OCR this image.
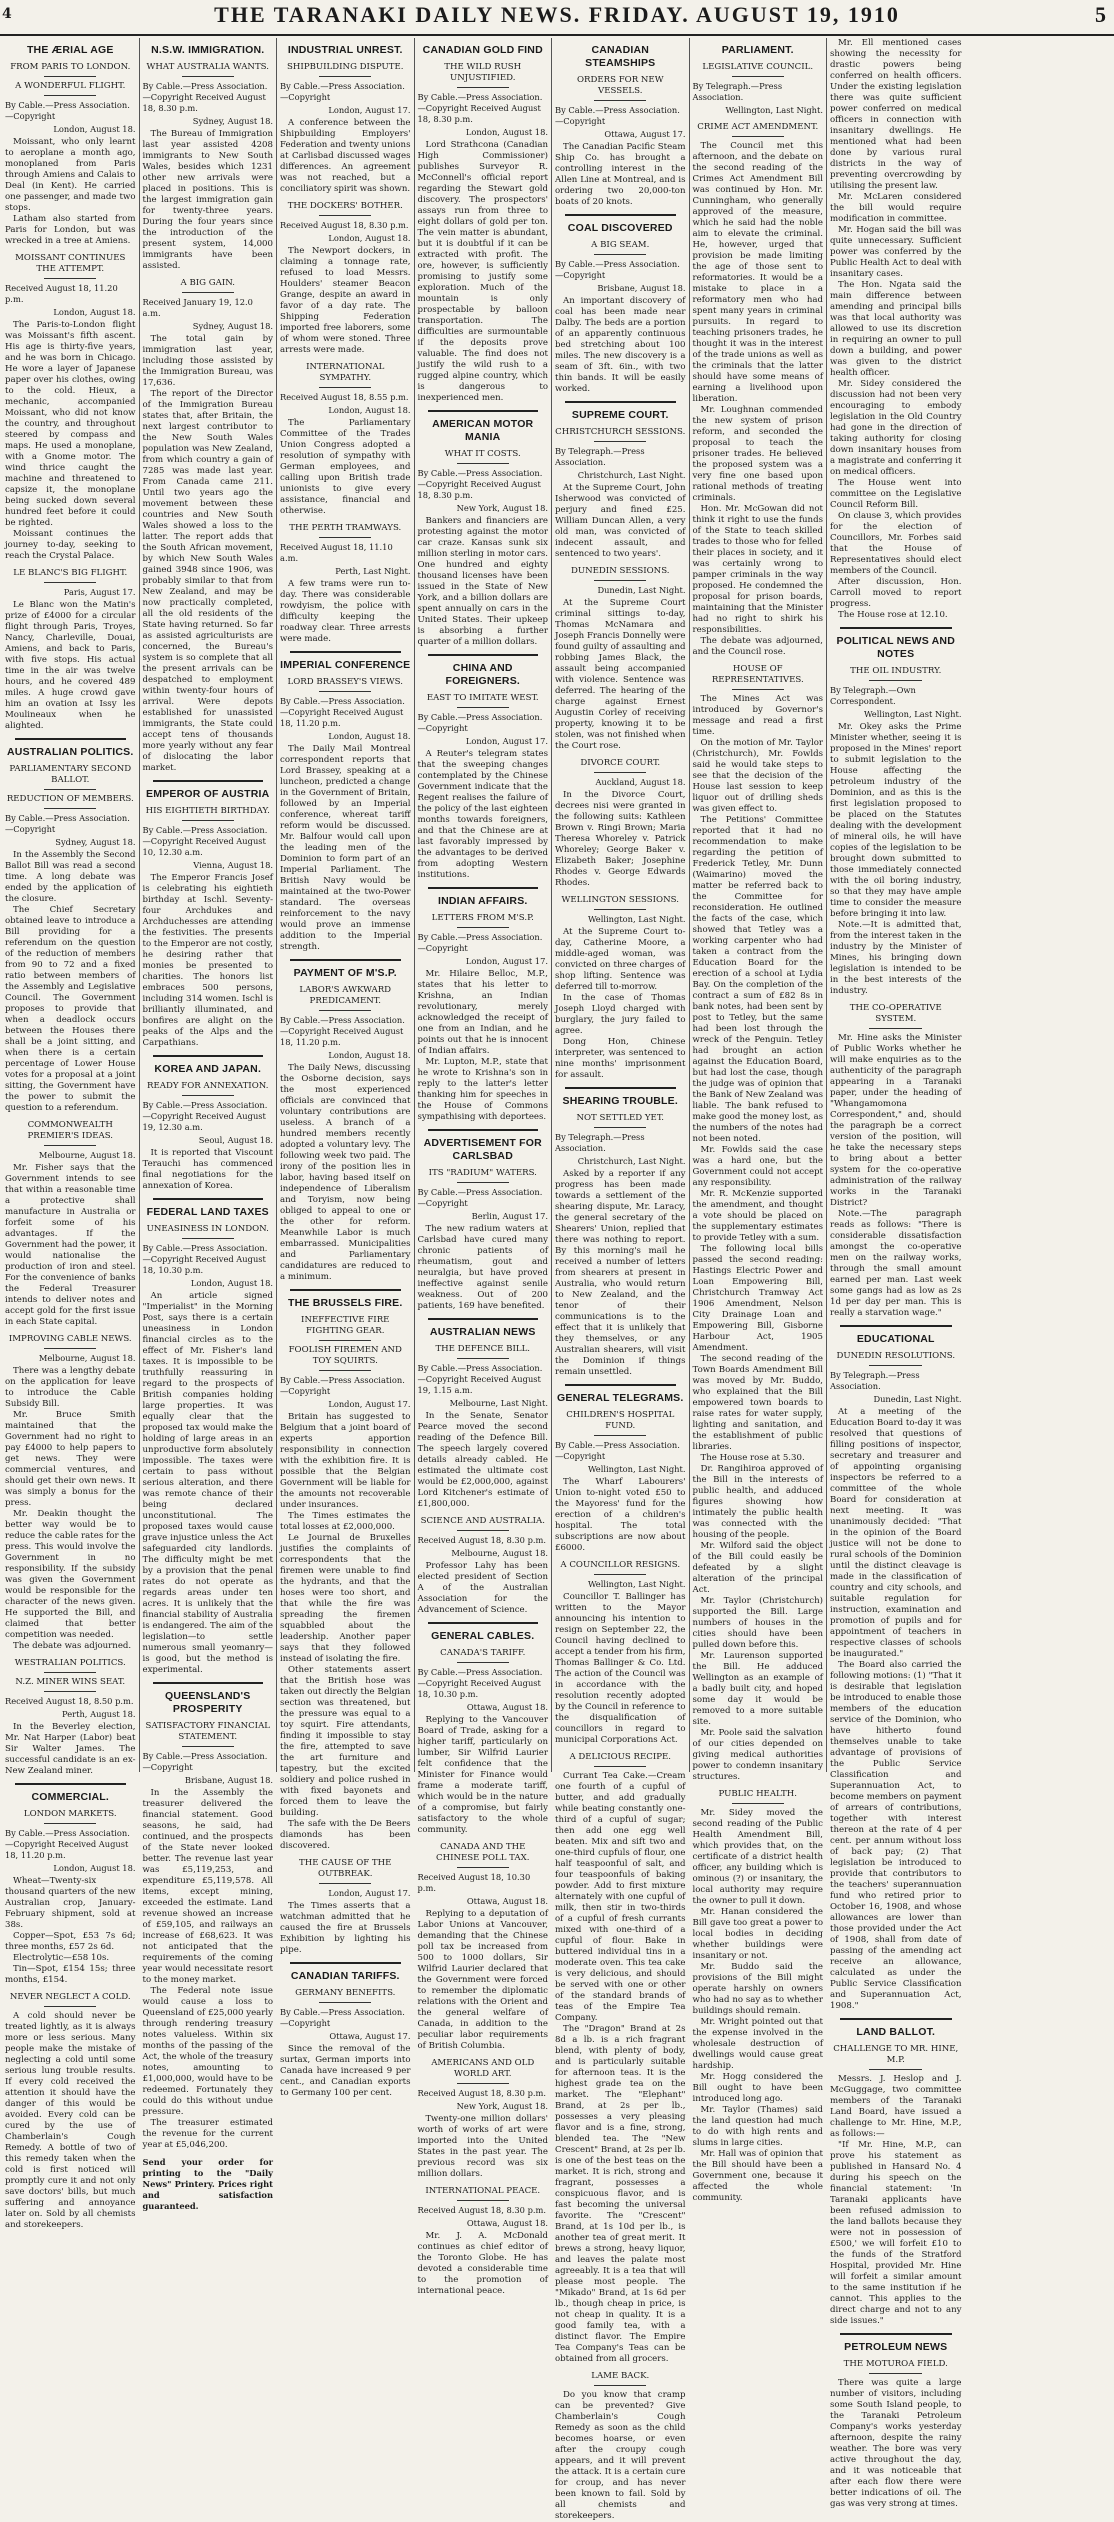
4	THE TARANAKI DAILY NEWS. FRIDAY. AUGUST 19, 1910	5
THE ÆRIAL AGE
FROM PARIS TO LONDON.
A WONDERFUL FLIGHT.
By Cable.—Press Association.—Copyright
London, August 18.

Moissant, who only learnt to aeroplane a month ago, monoplaned from Paris through Amiens and Calais to Deal (in Kent). He carried one passenger, and made two stops.

Latham also started from Paris for London, but was wrecked in a tree at Amiens.

MOISSANT CONTINUES THE ATTEMPT.
Received August 18, 11.20 p.m.
London, August 18.

The Paris-to-London flight was Moissant's fifth ascent. His age is thirty-five years, and he was born in Chicago. He wore a layer of Japanese paper over his clothes, owing to the cold. Hieux, a mechanic, accompanied Moissant, who did not know the country, and throughout steered by compass and maps. He used a monoplane, with a Gnome motor. The wind thrice caught the machine and threatened to capsize it, the monoplane being sucked down several hundred feet before it could be righted.

Moissant continues the journey to-day, seeking to reach the Crystal Palace.

LE BLANC'S BIG FLIGHT.
Paris, August 17.

Le Blanc won the Matin's prize of £4000 for a circular flight through Paris, Troyes, Nancy, Charleville, Douai, Amiens, and back to Paris, with five stops. His actual time in the air was twelve hours, and he covered 489 miles. A huge crowd gave him an ovation at Issy les Moulineaux when he alighted.

AUSTRALIAN POLITICS.
PARLIAMENTARY SECOND BALLOT.
REDUCTION OF MEMBERS.
By Cable.—Press Association.—Copyright
Sydney, August 18.

In the Assembly the Second Ballot Bill was read a second time. A long debate was ended by the application of the closure.

The Chief Secretary obtained leave to introduce a Bill providing for a referendum on the question of the reduction of members from 90 to 72 and a fixed ratio between members of the Assembly and Legislative Council. The Government proposes to provide that when a deadlock occurs between the Houses there shall be a joint sitting, and when there is a certain percentage of Lower House votes for a proposal at a joint sitting, the Government have the power to submit the question to a referendum.

COMMONWEALTH PREMIER'S IDEAS.
Melbourne, August 18.

Mr. Fisher says that the Government intends to see that within a reasonable time a protective shall manufacture in Australia or forfeit some of his advantages. If the Government had the power, it would nationalise the production of iron and steel. For the convenience of banks the Federal Treasurer intends to deliver notes and accept gold for the first issue in each State capital.

IMPROVING CABLE NEWS.
Melbourne, August 18.

There was a lengthy debate on the application for leave to introduce the Cable Subsidy Bill.

Mr. Bruce Smith maintained that the Government had no right to pay £4000 to help papers to get news. They were commercial ventures, and should get their own news. It was simply a bonus for the press.

Mr. Deakin thought the better way would be to reduce the cable rates for the press. This would involve the Government in no responsibility. If the subsidy was given the Government would be responsible for the character of the news given. He supported the Bill, and claimed that better competition was needed.

The debate was adjourned.

WESTRALIAN POLITICS.
N.Z. MINER WINS SEAT.
Received August 18, 8.50 p.m.
Perth, August 18.

In the Beverley election, Mr. Nat Harper (Labor) beat Sir Walter James. The successful candidate is an ex-New Zealand miner.

COMMERCIAL.
LONDON MARKETS.
By Cable.—Press Association.—Copyright Received August 18, 11.20 p.m.
London, August 18.

Wheat—Twenty-six thousand quarters of the new Australian crop, January-February shipment, sold at 38s.

Copper—Spot, £53 7s 6d; three months, £57 2s 6d.

Electrolytic—£58 10s.

Tin—Spot, £154 15s; three months, £154.

NEVER NEGLECT A COLD.

A cold should never be treated lightly, as it is always more or less serious. Many people make the mistake of neglecting a cold until some serious lung trouble results. If every cold received the attention it should have the danger of this would be avoided. Every cold can be cured by the use of Chamberlain's Cough Remedy. A bottle of two of this remedy taken when the cold is first noticed will promptly cure it and not only save doctors' bills, but much suffering and annoyance later on. Sold by all chemists and storekeepers.

N.S.W. IMMIGRATION.
WHAT AUSTRALIA WANTS.
By Cable.—Press Association.—Copyright Received August 18, 8.30 p.m.
Sydney, August 18.

The Bureau of Immigration last year assisted 4208 immigrants to New South Wales, besides which 1231 other new arrivals were placed in positions. This is the largest immigration gain for twenty-three years. During the four years since the introduction of the present system, 14,000 immigrants have been assisted.

A BIG GAIN.
Received January 19, 12.0 a.m.
Sydney, August 18.

The total gain by immigration last year, including those assisted by the Immigration Bureau, was 17,636.

The report of the Director of the Immigration Bureau states that, after Britain, the next largest contributor to the New South Wales population was New Zealand, from which country a gain of 7285 was made last year. From Canada came 211. Until two years ago the movement between these countries and New South Wales showed a loss to the latter. The report adds that the South African movement, by which New South Wales gained 3948 since 1906, was probably similar to that from New Zealand, and may be now practically completed, all the old residents of the State having returned. So far as assisted agriculturists are concerned, the Bureau's system is so complete that all the present arrivals can be despatched to employment within twenty-four hours of arrival. Were depots established for unassisted immigrants, the State could accept tens of thousands more yearly without any fear of dislocating the labor market.

EMPEROR OF AUSTRIA
HIS EIGHTIETH BIRTHDAY.
By Cable.—Press Association.—Copyright Received August 10, 12.30 a.m.
Vienna, August 18.

The Emperor Francis Josef is celebrating his eightieth birthday at Ischl. Seventy-four Archdukes and Archduchesses are attending the festivities. The presents to the Emperor are not costly, he desiring rather that monies be presented to charities. The honors list embraces 500 persons, including 314 women. Ischl is brilliantly illuminated, and bonfires are alight on the peaks of the Alps and the Carpathians.

KOREA AND JAPAN.
READY FOR ANNEXATION.
By Cable.—Press Association.—Copyright Received August 19, 12.30 a.m.
Seoul, August 18.

It is reported that Viscount Terauchi has commenced final negotiations for the annexation of Korea.

FEDERAL LAND TAXES
UNEASINESS IN LONDON.
By Cable.—Press Association.—Copyright Received August 18, 10.30 p.m.
London, August 18.

An article signed "Imperialist" in the Morning Post, says there is a certain uneasiness in London financial circles as to the effect of Mr. Fisher's land taxes. It is impossible to be truthfully reassuring in regard to the prospects of British companies holding large properties. It was equally clear that the proposed tax would make the holding of large areas in an unproductive form absolutely impossible. The taxes were certain to pass without serious alteration, and there was remote chance of their being declared unconstitutional. The proposed taxes would cause grave injustice unless the Act safeguarded city landlords. The difficulty might be met by a provision that the penal rates do not operate as regards areas under ten acres. It is unlikely that the financial stability of Australia is endangered. The aim of the legislation—to settle numerous small yeomanry—is good, but the method is experimental.

QUEENSLAND'S PROSPERITY
SATISFACTORY FINANCIAL STATEMENT.
By Cable.—Press Association.—Copyright
Brisbane, August 18.

In the Assembly the treasurer delivered the financial statement. Good seasons, he said, had continued, and the prospects of the State never looked better. The revenue last year was £5,119,253, and expenditure £5,119,578. All items, except mining, exceeded the estimate. Land revenue showed an increase of £59,105, and railways an increase of £68,623. It was not anticipated that the requirements of the coming year would necessitate resort to the money market.

The Federal note issue would cause a loss to Queensland of £25,000 yearly through rendering treasury notes valueless. Within six months of the passing of the Act, the whole of the treasury notes, amounting to £1,000,000, would have to be redeemed. Fortunately they could do this without undue pressure.

The treasurer estimated the revenue for the current year at £5,046,200.

Send your order for printing to the "Daily News" Printery. Prices right and satisfaction guaranteed.
INDUSTRIAL UNREST.
SHIPBUILDING DISPUTE.
By Cable.—Press Association.—Copyright
London, August 17.

A conference between the Shipbuilding Employers' Federation and twenty unions at Carlisbad discussed wages differences. An agreement was not reached, but a conciliatory spirit was shown.

THE DOCKERS' BOTHER.
Received August 18, 8.30 p.m.
London, August 18.

The Newport dockers, in claiming a tonnage rate, refused to load Messrs. Houlders' steamer Beacon Grange, despite an award in favor of a day rate. The Shipping Federation imported free laborers, some of whom were stoned. Three arrests were made.

INTERNATIONAL SYMPATHY.
Received August 18, 8.55 p.m.
London, August 18.

The Parliamentary Committee of the Trades Union Congress adopted a resolution of sympathy with German employees, and calling upon British trade unionists to give every assistance, financial and otherwise.

THE PERTH TRAMWAYS.
Received August 18, 11.10 a.m.
Perth, Last Night.

A few trams were run to-day. There was considerable rowdyism, the police with difficulty keeping the roadway clear. Three arrests were made.

IMPERIAL CONFERENCE
LORD BRASSEY'S VIEWS.
By Cable.—Press Association.—Copyright Received August 18, 11.20 p.m.
London, August 18.

The Daily Mail Montreal correspondent reports that Lord Brassey, speaking at a luncheon, predicted a change in the Government of Britain, followed by an Imperial conference, whereat tariff reform would be discussed. Mr. Balfour would call upon the leading men of the Dominion to form part of an Imperial Parliament. The British Navy would be maintained at the two-Power standard. The overseas reinforcement to the navy would prove an immense addition to the Imperial strength.

PAYMENT OF M'S.P.
LABOR'S AWKWARD PREDICAMENT.
By Cable.—Press Association.—Copyright Received August 18, 11.20 p.m.
London, August 18.

The Daily News, discussing the Osborne decision, says the most experienced officials are convinced that voluntary contributions are useless. A branch of a hundred members recently adopted a voluntary levy. The following week two paid. The irony of the position lies in labor, having based itself on independence of Liberalism and Toryism, now being obliged to appeal to one or the other for reform. Meanwhile Labor is much embarrassed. Municipalities and Parliamentary candidatures are reduced to a minimum.

THE BRUSSELS FIRE.
INEFFECTIVE FIRE FIGHTING GEAR.
FOOLISH FIREMEN AND TOY SQUIRTS.
By Cable.—Press Association.—Copyright
London, August 17.

Britain has suggested to Belgium that a joint board of experts apportion responsibility in connection with the exhibition fire. It is possible that the Belgian Government will be liable for the amounts not recoverable under insurances.

The Times estimates the total losses at £2,000,000.

Le Journal de Bruxelles justifies the complaints of correspondents that the firemen were unable to find the hydrants, and that the hoses were too short, and that while the fire was spreading the firemen squabbled about the leadership. Another paper says that they followed instead of isolating the fire.

Other statements assert that the British hose was taken out directly the Belgian section was threatened, but the pressure was equal to a toy squirt. Fire attendants, finding it impossible to stay the fire, attempted to save the art furniture and tapestry, but the excited soldiery and police rushed in with fixed bayonets and forced them to leave the building.

The safe with the De Beers diamonds has been discovered.

THE CAUSE OF THE OUTBREAK.
London, August 17.

The Times asserts that a watchman admitted that he caused the fire at Brussels Exhibition by lighting his pipe.

CANADIAN TARIFFS.
GERMANY BENEFITS.
By Cable.—Press Association.—Copyright
Ottawa, August 17.

Since the removal of the surtax, German imports into Canada have increased 9 per cent., and Canadian exports to Germany 100 per cent.

CANADIAN GOLD FIND
THE WILD RUSH UNJUSTIFIED.
By Cable.—Press Association.—Copyright Received August 18, 8.30 p.m.
London, August 18.

Lord Strathcona (Canadian High Commissioner) publishes Surveyor R. McConnell's official report regarding the Stewart gold discovery. The prospectors' assays run from three to eight dollars of gold per ton. The vein matter is abundant, but it is doubtful if it can be extracted with profit. The ore, however, is sufficiently promising to justify some exploration. Much of the mountain is only prospectable by balloon transportation. The difficulties are surmountable if the deposits prove valuable. The find does not justify the wild rush to a rugged alpine country, which is dangerous to inexperienced men.

AMERICAN MOTOR MANIA
WHAT IT COSTS.
By Cable.—Press Association.—Copyright Received August 18, 8.30 p.m.
New York, August 18.

Bankers and financiers are protesting against the motor car craze. Kansas sunk six million sterling in motor cars. One hundred and eighty thousand licenses have been issued in the State of New York, and a billion dollars are spent annually on cars in the United States. Their upkeep is absorbing a further quarter of a million dollars.

CHINA AND FOREIGNERS.
EAST TO IMITATE WEST.
By Cable.—Press Association.—Copyright
London, August 17.

A Reuter's telegram states that the sweeping changes contemplated by the Chinese Government indicate that the Regent realises the failure of the policy of the last eighteen months towards foreigners, and that the Chinese are at last favorably impressed by the advantages to be derived from adopting Western institutions.

INDIAN AFFAIRS.
LETTERS FROM M'S.P.
By Cable.—Press Association.—Copyright
London, August 17.

Mr. Hilaire Belloc, M.P., states that his letter to Krishna, an Indian revolutionary, merely acknowledged the receipt of one from an Indian, and he points out that he is innocent of Indian affairs.

Mr. Lupton, M.P., state that he wrote to Krishna's son in reply to the latter's letter thanking him for speeches in the House of Commons sympathising with deportees.

ADVERTISEMENT FOR CARLSBAD
ITS "RADIUM" WATERS.
By Cable.—Press Association.—Copyright
Berlin, August 17.

The new radium waters at Carlsbad have cured many chronic patients of rheumatism, gout and neuralgia, but have proved ineffective against senile weakness. Out of 200 patients, 169 have benefited.

AUSTRALIAN NEWS
THE DEFENCE BILL.
By Cable.—Press Association.—Copyright Received August 19, 1.15 a.m.
Melbourne, Last Night.

In the Senate, Senator Pearce moved the second reading of the Defence Bill. The speech largely covered details already cabled. He estimated the ultimate cost would be £2,000,000, against Lord Kitchener's estimate of £1,800,000.

SCIENCE AND AUSTRALIA.
Received August 18, 8.30 p.m.
Melbourne, August 18.

Professor Lahy has been elected president of Section A of the Australian Association for the Advancement of Science.

GENERAL CABLES.
CANADA'S TARIFF.
By Cable.—Press Association.—Copyright Received August 18, 10.30 p.m.
Ottawa, August 18.

Replying to the Vancouver Board of Trade, asking for a higher tariff, particularly on lumber, Sir Wilfrid Laurier felt confidence that the Minister for Finance would frame a moderate tariff, which would be in the nature of a compromise, but fairly satisfactory to the whole community.

CANADA AND THE CHINESE POLL TAX.
Received August 18, 10.30 p.m.
Ottawa, August 18.

Replying to a deputation of Labor Unions at Vancouver, demanding that the Chinese poll tax be increased from 500 to 1000 dollars, Sir Wilfrid Laurier declared that the Government were forced to remember the diplomatic relations with the Orient and the general welfare of Canada, in addition to the peculiar labor requirements of British Columbia.

AMERICANS AND OLD WORLD ART.
Received August 18, 8.30 p.m.
New York, August 18.

Twenty-one million dollars' worth of works of art were imported into the United States in the past year. The previous record was six million dollars.

INTERNATIONAL PEACE.
Received August 18, 8.30 p.m.
Ottawa, August 18.

Mr. J. A. McDonald continues as chief editor of the Toronto Globe. He has devoted a considerable time to the promotion of international peace.

CANADIAN STEAMSHIPS
ORDERS FOR NEW VESSELS.
By Cable.—Press Association.—Copyright
Ottawa, August 17.

The Canadian Pacific Steam Ship Co. has brought a controlling interest in the Allen Line at Montreal, and is ordering two 20,000-ton boats of 20 knots.

COAL DISCOVERED
A BIG SEAM.
By Cable.—Press Association.—Copyright
Brisbane, August 18.

An important discovery of coal has been made near Dalby. The beds are a portion of an apparently continuous bed stretching about 100 miles. The new discovery is a seam of 3ft. 6in., with two thin bands. It will be easily worked.

SUPREME COURT.
CHRISTCHURCH SESSIONS.
By Telegraph.—Press Association.
Christchurch, Last Night.

At the Supreme Court, John Isherwood was convicted of perjury and fined £25. William Duncan Allen, a very old man, was convicted of indecent assault, and sentenced to two years'.

DUNEDIN SESSIONS.
Dunedin, Last Night.

At the Supreme Court criminal sittings to-day, Thomas McNamara and Joseph Francis Donnelly were found guilty of assaulting and robbing James Black, the assault being accompanied with violence. Sentence was deferred. The hearing of the charge against Ernest Augustin Corley of receiving property, knowing it to be stolen, was not finished when the Court rose.

DIVORCE COURT.
Auckland, August 18.

In the Divorce Court, decrees nisi were granted in the following suits: Kathleen Brown v. Ringi Brown; Maria Theresa Whoreley v. Patrick Whoreley; George Baker v. Elizabeth Baker; Josephine Rhodes v. George Edwards Rhodes.

WELLINGTON SESSIONS.
Wellington, Last Night.

At the Supreme Court to-day, Catherine Moore, a middle-aged woman, was convicted on three charges of shop lifting. Sentence was deferred till to-morrow.

In the case of Thomas Joseph Lloyd charged with burglary, the jury failed to agree.

Dong Hon, Chinese interpreter, was sentenced to nine months' imprisonment for assault.

SHEARING TROUBLE.
NOT SETTLED YET.
By Telegraph.—Press Association.
Christchurch, Last Night.

Asked by a reporter if any progress has been made towards a settlement of the shearing dispute, Mr. Laracy, the general secretary of the Shearers' Union, replied that there was nothing to report. By this morning's mail he received a number of letters from shearers at present in Australia, who would return to New Zealand, and the tenor of their communications is to the effect that it is unlikely that they themselves, or any Australian shearers, will visit the Dominion if things remain unsettled.

GENERAL TELEGRAMS.
CHILDREN'S HOSPITAL FUND.
By Cable.—Press Association.—Copyright
Wellington, Last Night.

The Wharf Labourers' Union to-night voted £50 to the Mayoress' fund for the erection of a children's hospital. The total subscriptions are now about £6000.

A COUNCILLOR RESIGNS.
Wellington, Last Night.

Councillor T. Ballinger has written to the Mayor announcing his intention to resign on September 22, the Council having declined to accept a tender from his firm, Thomas Ballinger & Co. Ltd. The action of the Council was in accordance with the resolution recently adopted by the Council in reference to the disqualification of councillors in regard to municipal Corporations Act.

A DELICIOUS RECIPE.

Currant Tea Cake.—Cream one fourth of a cupful of butter, and add gradually while beating constantly one-third of a cupful of sugar; then add one egg well beaten. Mix and sift two and one-third cupfuls of flour, one half teaspoonful of salt, and four teaspoonfuls of baking powder. Add to first mixture alternately with one cupful of milk, then stir in two-thirds of a cupful of fresh currants mixed with one-third of a cupful of flour. Bake in buttered individual tins in a moderate oven. This tea cake is very delicious, and should be served with one or other of the standard brands of teas of the Empire Tea Company.

The "Dragon" Brand at 2s 8d a lb. is a rich fragrant blend, with plenty of body, and is particularly suitable for afternoon teas. It is the highest grade tea on the market. The "Elephant" Brand, at 2s per lb., possesses a very pleasing flavor and is a fine, strong, blended tea. The "New Crescent" Brand, at 2s per lb. is one of the best teas on the market. It is rich, strong and fragrant, possesses a conspicuous flavor, and is fast becoming the universal favorite. The "Crescent" Brand, at 1s 10d per lb., is another tea of great merit. It brews a strong, heavy liquor, and leaves the palate most agreeably. It is a tea that will please most people. The "Mikado" Brand, at 1s 6d per lb., though cheap in price, is not cheap in quality. It is a good family tea, with a distinct flavor. The Empire Tea Company's Teas can be obtained from all grocers.

LAME BACK.

Do you know that cramp can be prevented? Give Chamberlain's Cough Remedy as soon as the child becomes hoarse, or even after the croupy cough appears, and it will prevent the attack. It is a certain cure for croup, and has never been known to fail. Sold by all chemists and storekeepers.

PARLIAMENT.
LEGISLATIVE COUNCIL.
By Telegraph.—Press Association.
Wellington, Last Night.
CRIME ACT AMENDMENT.

The Council met this afternoon, and the debate on the second reading of the Crimes Act Amendment Bill was continued by Hon. Mr. Cunningham, who generally approved of the measure, which he said had the noble aim to elevate the criminal. He, however, urged that provision be made limiting the age of those sent to reformatories. It would be a mistake to place in a reformatory men who had spent many years in criminal pursuits. In regard to teaching prisoners trades, he thought it was in the interest of the trade unions as well as the criminals that the latter should have some means of earning a livelihood upon liberation.

Mr. Loughnan commended the new system of prison reform, and seconded the proposal to teach the prisoner trades. He believed the proposed system was a very fine one based upon rational methods of treating criminals.

Hon. Mr. McGowan did not think it right to use the funds of the State to teach skilled trades to those who for felled their places in society, and it was certainly wrong to pamper criminals in the way proposed. He condemned the proposal for prison boards, maintaining that the Minister had no right to shirk his responsibilities.

The debate was adjourned, and the Council rose.

HOUSE OF REPRESENTATIVES.

The Mines Act was introduced by Governor's message and read a first time.

On the motion of Mr. Taylor (Christchurch), Mr. Fowlds said he would take steps to see that the decision of the House last session to keep liquor out of drilling sheds was given effect to.

The Petitions' Committee reported that it had no recommendation to make regarding the petition of Frederick Tetley, Mr. Dunn (Waimarino) moved the matter be referred back to the Committee for reconsideration. He outlined the facts of the case, which showed that Tetley was a working carpenter who had taken a contract from the Education Board for the erection of a school at Lydia Bay. On the completion of the contract a sum of £82 8s in bank notes, had been sent by post to Tetley, but the same had been lost through the wreck of the Penguin. Tetley had brought an action against the Education Board, but had lost the case, though the judge was of opinion that the Bank of New Zealand was liable. The bank refused to make good the money lost, as the numbers of the notes had not been noted.

Mr. Fowlds said the case was a hard one, but the Government could not accept any responsibility.

Mr. R. McKenzie supported the amendment, and thought a vote should be placed on the supplementary estimates to provide Tetley with a sum.

The following local bills passed the second reading: Hastings Electric Power and Loan Empowering Bill, Christchurch Tramway Act 1906 Amendment, Nelson City Drainage Loan and Empowering Bill, Gisborne Harbour Act, 1905 Amendment.

The second reading of the Town Boards Amendment Bill was moved by Mr. Buddo, who explained that the Bill empowered town boards to raise rates for water supply, lighting and sanitation, and the establishment of public libraries.

The House rose at 5.30.

Dr. Rangihiroa approved of the Bill in the interests of public health, and adduced figures showing how intimately the public health was connected with the housing of the people.

Mr. Wilford said the object of the Bill could easily be defeated by a slight alteration of the principal Act.

Mr. Taylor (Christchurch) supported the Bill. Large numbers of houses in the cities should have been pulled down before this.

Mr. Laurenson supported the Bill. He adduced Wellington as an example of a badly built city, and hoped some day it would be removed to a more suitable site.

Mr. Poole said the salvation of our cities depended on giving medical authorities power to condemn insanitary structures.

PUBLIC HEALTH.

Mr. Sidey moved the second reading of the Public Health Amendment Bill, which provides that, on the certificate of a district health officer, any building which is ominous (?) or insanitary, the local authority may require the owner to pull it down.

Mr. Hanan considered the Bill gave too great a power to local bodies in deciding whether buildings were insanitary or not.

Mr. Buddo said the provisions of the Bill might operate harshly on owners who had no say as to whether buildings should remain.

Mr. Wright pointed out that the expense involved in the wholesale destruction of dwellings would cause great hardship.

Mr. Hogg considered the Bill ought to have been introduced long ago.

Mr. Taylor (Thames) said the land question had much to do with high rents and slums in large cities.

Mr. Hall was of opinion that the Bill should have been a Government one, because it affected the whole community.

Mr. Ell mentioned cases showing the necessity for drastic powers being conferred on health officers. Under the existing legislation there was quite sufficient power conferred on medical officers in connection with insanitary dwellings. He mentioned what had been done by various rural districts in the way of preventing overcrowding by utilising the present law.

Mr. McLaren considered the bill would require modification in committee.

Mr. Hogan said the bill was quite unnecessary. Sufficient power was conferred by the Public Health Act to deal with insanitary cases.

The Hon. Ngata said the main difference between amending and principal bills was that local authority was allowed to use its discretion in requiring an owner to pull down a building, and power was given to the district health officer.

Mr. Sidey considered the discussion had not been very encouraging to embody legislation in the Old Country had gone in the direction of taking authority for closing down insanitary houses from a magistrate and conferring it on medical officers.

The House went into committee on the Legislative Council Reform Bill.

On clause 3, which provides for the election of Councillors, Mr. Forbes said that the House of Representatives should elect members of the Council.

After discussion, Hon. Carroll moved to report progress.

The House rose at 12.10.

POLITICAL NEWS AND NOTES
THE OIL INDUSTRY.
By Telegraph.—Own Correspondent.
Wellington, Last Night.

Mr. Okey asks the Prime Minister whether, seeing it is proposed in the Mines' report to submit legislation to the House affecting the petroleum industry of the Dominion, and as this is the first legislation proposed to be placed on the Statutes dealing with the development of mineral oils, he will have copies of the legislation to be brought down submitted to those immediately connected with the oil boring industry, so that they may have ample time to consider the measure before bringing it into law.

Note.—It is admitted that, from the interest taken in the industry by the Minister of Mines, his bringing down legislation is intended to be in the best interests of the industry.

THE CO-OPERATIVE SYSTEM.

Mr. Hine asks the Minister of Public Works whether he will make enquiries as to the authenticity of the paragraph appearing in a Taranaki paper, under the heading of "Whangamomona Correspondent," and, should the paragraph be a correct version of the position, will he take the necessary steps to bring about a better system for the co-operative administration of the railway works in the Taranaki District?

Note.—The paragraph reads as follows: "There is considerable dissatisfaction amongst the co-operative men on the railway works, through the small amount earned per man. Last week some gangs had as low as 2s 1d per day per man. This is really a starvation wage."

EDUCATIONAL
DUNEDIN RESOLUTIONS.
By Telegraph.—Press Association.
Dunedin, Last Night.

At a meeting of the Education Board to-day it was resolved that questions of filling positions of inspector, secretary and treasurer and of appointing organising inspectors be referred to a committee of the whole Board for consideration at next meeting. It was unanimously decided: "That in the opinion of the Board justice will not be done to rural schools of the Dominion until the distinct cleavage is made in the classification of country and city schools, and suitable regulation for instruction, examination and promotion of pupils and for appointment of teachers in respective classes of schools be inaugurated."

The Board also carried the following motions: (1) "That it is desirable that legislation be introduced to enable those members of the education service of the Dominion, who have hitherto found themselves unable to take advantage of provisions of the Public Service Classification and Superannuation Act, to become members on payment of arrears of contributions, together with interest thereon at the rate of 4 per cent. per annum without loss of back pay; (2) That legislation be introduced to provide that contributors to the teachers' superannuation fund who retired prior to October 16, 1908, and whose allowances are lower than those provided under the Act of 1908, shall from date of passing of the amending act receive an allowance, calculated as under the Public Service Classification and Superannuation Act, 1908."

LAND BALLOT.
CHALLENGE TO MR. HINE, M.P.

Messrs. J. Heslop and J. McGuggage, two committee members of the Taranaki Land Board, have issued a challenge to Mr. Hine, M.P., as follows:—

"If Mr. Hine, M.P., can prove his statement as published in Hansard No. 4 during his speech on the financial statement: 'In Taranaki applicants have been refused admission to the land ballots because they were not in possession of £500,' we will forfeit £10 to the funds of the Stratford Hospital, provided Mr. Hine will forfeit a similar amount to the same institution if he cannot. This applies to the direct charge and not to any side issues."

PETROLEUM NEWS
THE MOTUROA FIELD.

There was quite a large number of visitors, including some South Island people, to the Taranaki Petroleum Company's works yesterday afternoon, despite the rainy weather. The bore was very active throughout the day, and it was noticeable that after each flow there were better indications of oil. The gas was very strong at times.
